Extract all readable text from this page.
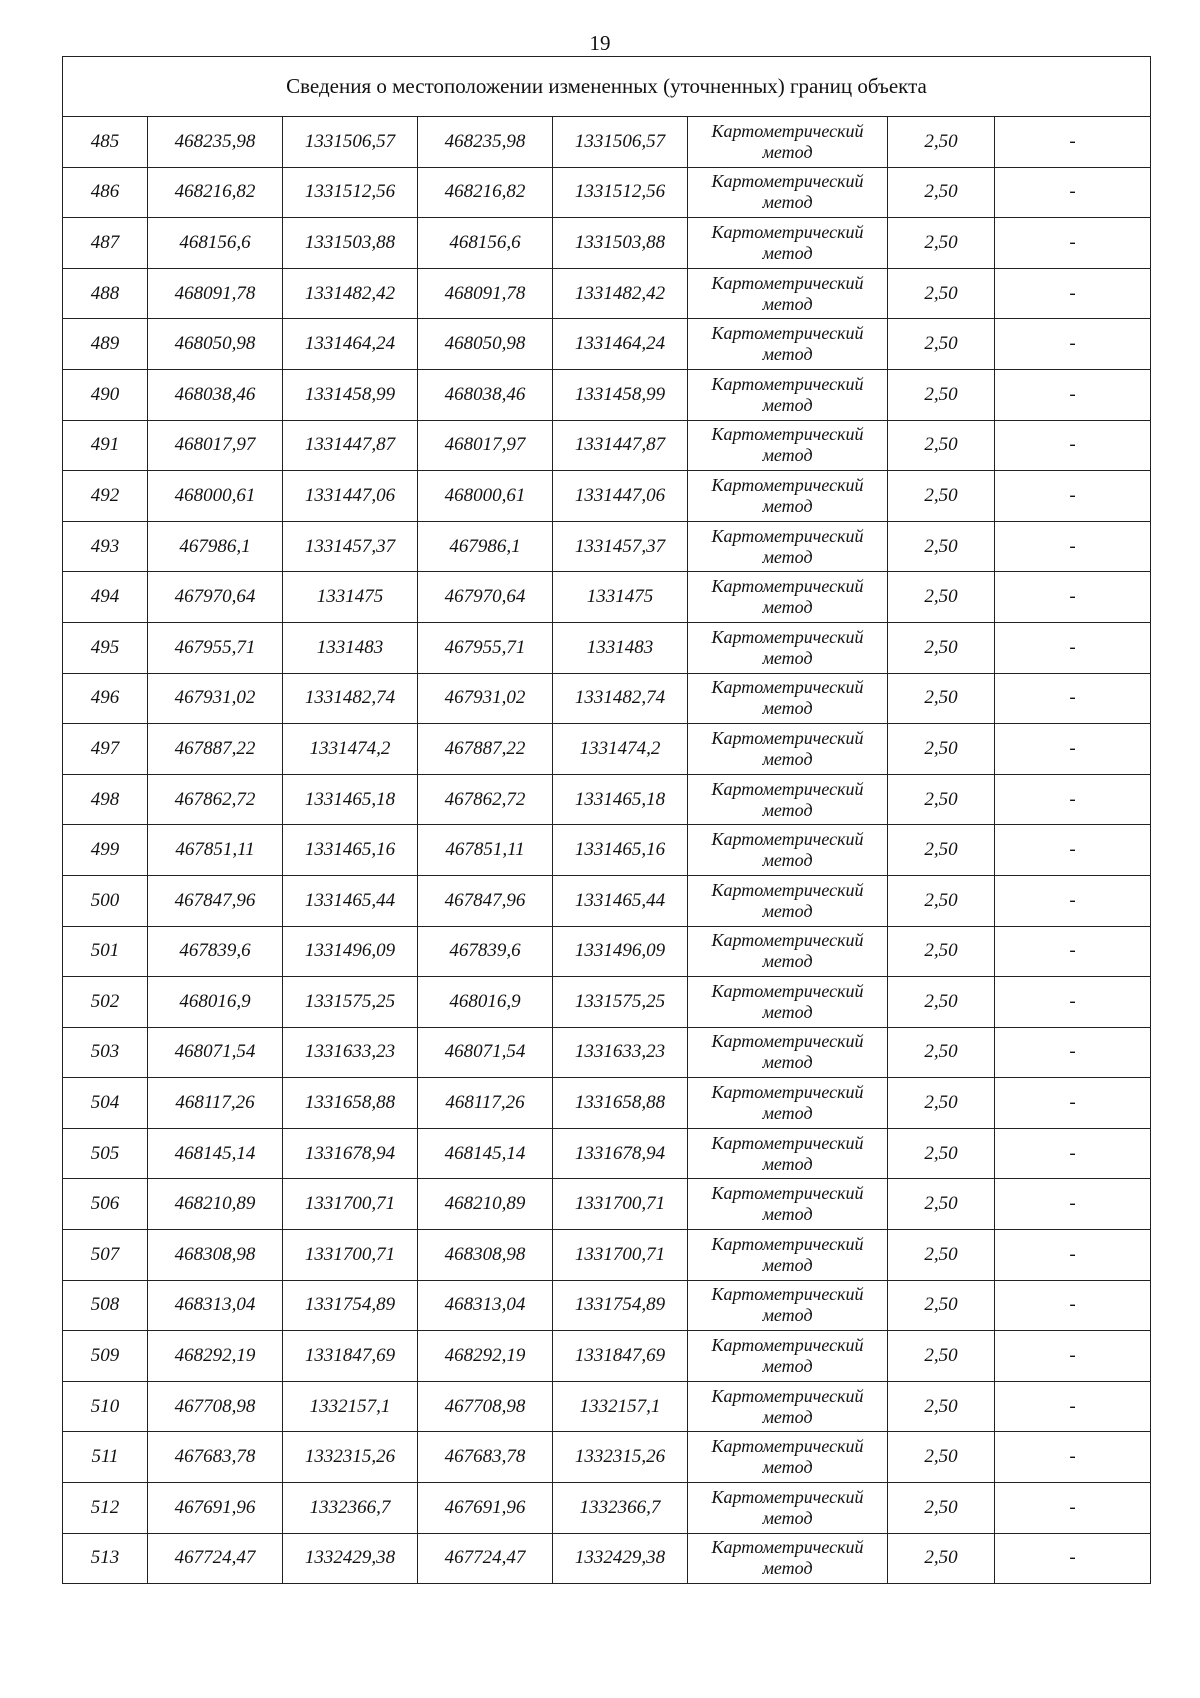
19
Сведения о местоположении измененных (уточненных) границ объекта							
485	468235,98	1331506,57	468235,98	1331506,57	Картометрический метод	2,50	-
486	468216,82	1331512,56	468216,82	1331512,56	Картометрический метод	2,50	-
487	468156,6	1331503,88	468156,6	1331503,88	Картометрический метод	2,50	-
488	468091,78	1331482,42	468091,78	1331482,42	Картометрический метод	2,50	-
489	468050,98	1331464,24	468050,98	1331464,24	Картометрический метод	2,50	-
490	468038,46	1331458,99	468038,46	1331458,99	Картометрический метод	2,50	-
491	468017,97	1331447,87	468017,97	1331447,87	Картометрический метод	2,50	-
492	468000,61	1331447,06	468000,61	1331447,06	Картометрический метод	2,50	-
493	467986,1	1331457,37	467986,1	1331457,37	Картометрический метод	2,50	-
494	467970,64	1331475	467970,64	1331475	Картометрический метод	2,50	-
495	467955,71	1331483	467955,71	1331483	Картометрический метод	2,50	-
496	467931,02	1331482,74	467931,02	1331482,74	Картометрический метод	2,50	-
497	467887,22	1331474,2	467887,22	1331474,2	Картометрический метод	2,50	-
498	467862,72	1331465,18	467862,72	1331465,18	Картометрический метод	2,50	-
499	467851,11	1331465,16	467851,11	1331465,16	Картометрический метод	2,50	-
500	467847,96	1331465,44	467847,96	1331465,44	Картометрический метод	2,50	-
501	467839,6	1331496,09	467839,6	1331496,09	Картометрический метод	2,50	-
502	468016,9	1331575,25	468016,9	1331575,25	Картометрический метод	2,50	-
503	468071,54	1331633,23	468071,54	1331633,23	Картометрический метод	2,50	-
504	468117,26	1331658,88	468117,26	1331658,88	Картометрический метод	2,50	-
505	468145,14	1331678,94	468145,14	1331678,94	Картометрический метод	2,50	-
506	468210,89	1331700,71	468210,89	1331700,71	Картометрический метод	2,50	-
507	468308,98	1331700,71	468308,98	1331700,71	Картометрический метод	2,50	-
508	468313,04	1331754,89	468313,04	1331754,89	Картометрический метод	2,50	-
509	468292,19	1331847,69	468292,19	1331847,69	Картометрический метод	2,50	-
510	467708,98	1332157,1	467708,98	1332157,1	Картометрический метод	2,50	-
511	467683,78	1332315,26	467683,78	1332315,26	Картометрический метод	2,50	-
512	467691,96	1332366,7	467691,96	1332366,7	Картометрический метод	2,50	-
513	467724,47	1332429,38	467724,47	1332429,38	Картометрический метод	2,50	-
